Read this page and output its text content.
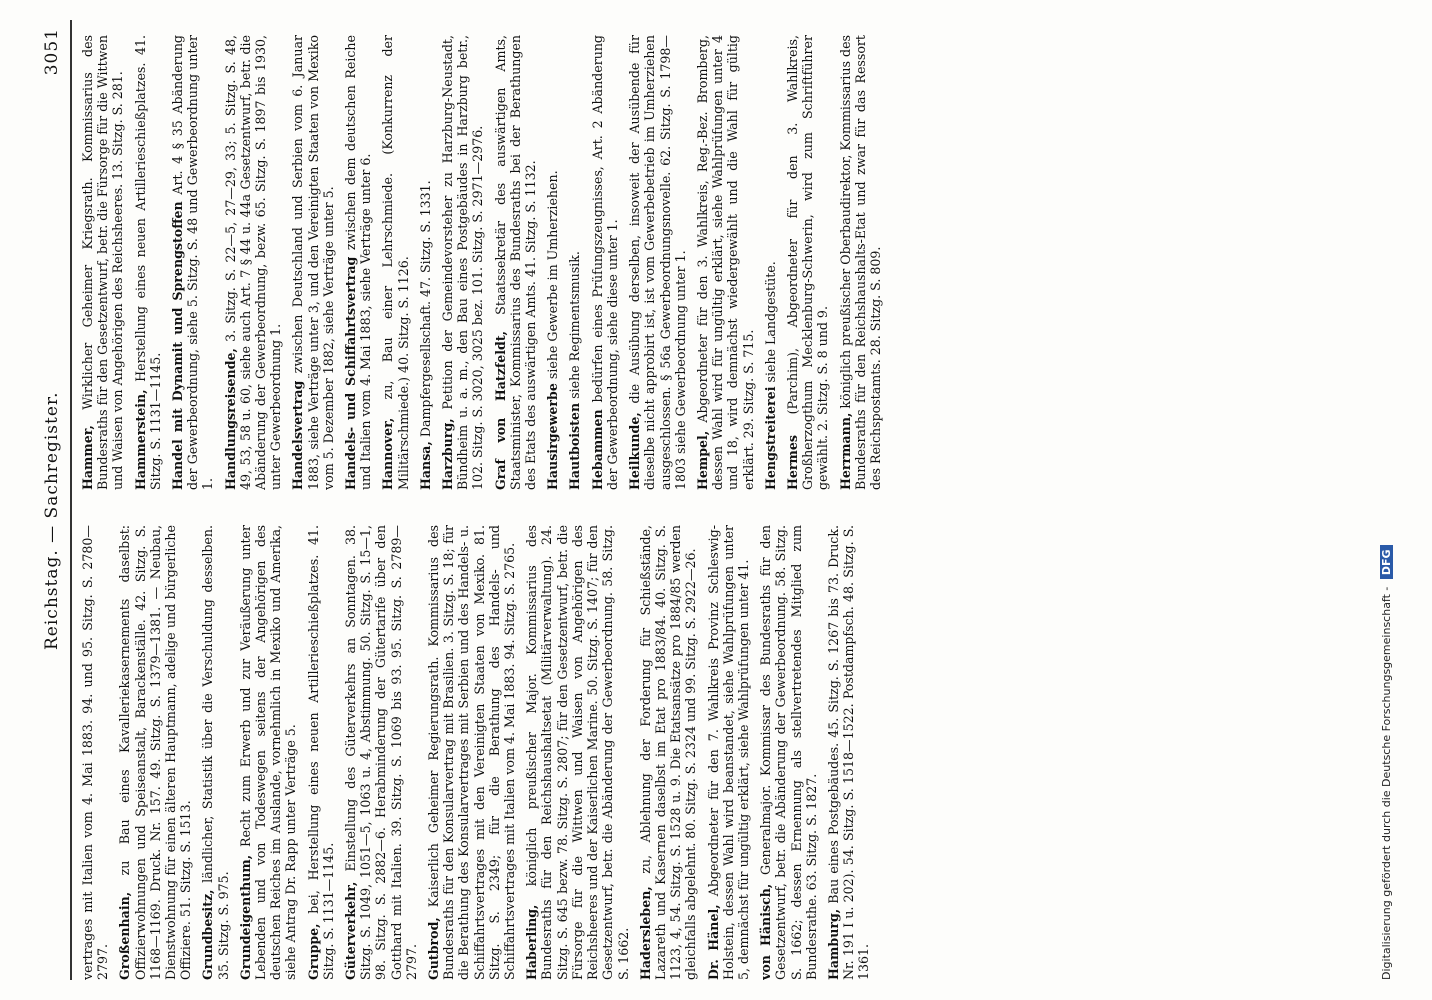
Reichstag. — Sachregister.
3051
vertrages mit Italien vom 4. Mai 1883. 94. und 95. Sitzg. S. 2780—2797. Großenhain, zu Bau eines Kavalleriekasernements daselbst: Offizierwohnungen und Speiseanstalt, Barackenställe. 42. Sitzg. S. 1168—1169. Druck. Nr. 157. 49. Sitzg. S. 1379—1381. — Neubau, Dienstwohnung für einen älteren Hauptmann, adelige und bürgerliche Offiziere. 51. Sitzg. S. 1513. Grundbesitz, ländlicher, Statistik über die Verschuldung desselben. 35. Sitzg. S. 975. Grundeigenthum, Recht zum Erwerb und zur Veräußerung unter Lebenden und von Todeswegen seitens der Angehörigen des deutschen Reiches im Auslande, vornehmlich in Mexiko und Amerika, siehe Antrag Dr. Rapp unter Verträge 5. Gruppe, bei, Herstellung eines neuen Artillerieschießplatzes. 41. Sitzg. S. 1131—1145. Güterverkehr, Einstellung des Güterverkehrs an Sonntagen. 38. Sitzg. S. 1049, 1051—5, 1063 u. 4, Abstimmung. 50. Sitzg. S. 15—1, 98. Sitzg. S. 2882—6. Herabminderung der Gütertarife über den Gotthard mit Italien. 39. Sitzg. S. 1069 bis 93. 95. Sitzg. S. 2789—2797. Gutbrod, Kaiserlich Geheimer Regierungsrath. Kommissarius des Bundesraths für den Konsularvertrag mit Brasilien. 3. Sitzg. S. 18; für die Berathung des Konsularvertrages mit Serbien und des Handels- u. Schiffahrtsvertrages mit den Vereinigten Staaten von Mexiko. 81. Sitzg. S. 2349; für die Berathung des Handels- und Schiffahrtsvertrages mit Italien vom 4. Mai 1883. 94. Sitzg. S. 2765. Haberling, königlich preußischer Major. Kommissarius des Bundesraths für den Reichshaushaltsetat (Militärverwaltung). 24. Sitzg. S. 645 bezw. 78. Sitzg. S. 2807; für den Gesetzentwurf, betr. die Fürsorge für die Wittwen und Waisen von Angehörigen des Reichsheeres und der Kaiserlichen Marine. 50. Sitzg. S. 1407; für den Gesetzentwurf, betr. die Abänderung der Gewerbeordnung. 58. Sitzg. S. 1662. Hadersleben, zu, Ablehnung der Forderung für Schießstände, Lazareth und Kasernen daselbst im Etat pro 1883/84. 40. Sitzg. S. 1123, 4, 54. Sitzg. S. 1528 u. 9. Die Etatsansätze pro 1884/85 werden gleichfalls abgelehnt. 80. Sitzg. S. 2324 und 99. Sitzg. S. 2922—26. Dr. Hänel, Abgeordneter für den 7. Wahlkreis Provinz Schleswig-Holstein, dessen Wahl wird beanstandet, siehe Wahlprüfungen unter 5, demnächst für ungültig erklärt, siehe Wahlprüfungen unter 41. von Hänisch, Generalmajor. Kommissar des Bundesraths für den Gesetzentwurf, betr. die Abänderung der Gewerbeordnung. 58. Sitzg. S. 1662; dessen Ernennung als stellvertretendes Mitglied zum Bundesrathe. 63. Sitzg. S. 1827. Hamburg, Bau eines Postgebäudes. 45. Sitzg. S. 1267 bis 73. Druck. Nr. 191 I u. 202). 54. Sitzg. S. 1518—1522. Postdampfsch. 48. Sitzg. S. 1361.
Hammer, Wirklicher Geheimer Kriegsrath. Kommissarius des Bundesraths für den Gesetzentwurf, betr. die Fürsorge für die Wittwen und Waisen von Angehörigen des Reichsheeres. 13. Sitzg. S. 281. Hammerstein, Herstellung eines neuen Artillerieschießplatzes. 41. Sitzg. S. 1131—1145. Handel mit Dynamit und Sprengstoffen Art. 4 § 35 Abänderung der Gewerbeordnung, siehe 5. Sitzg. S. 48 und Gewerbeordnung unter 1. Handlungsreisende, 3. Sitzg. S. 22—5, 27—29, 33; 5. Sitzg. S. 48, 49, 53, 58 u. 60, siehe auch Art. 7 § 44 u. 44a Gesetzentwurf, betr. die Abänderung der Gewerbeordnung, bezw. 65. Sitzg. S. 1897 bis 1930, unter Gewerbeordnung 1. Handelsvertrag zwischen Deutschland und Serbien vom 6. Januar 1883, siehe Verträge unter 3, und den Vereinigten Staaten von Mexiko vom 5. Dezember 1882, siehe Verträge unter 5. Handels- und Schiffahrtsvertrag zwischen dem deutschen Reiche und Italien vom 4. Mai 1883, siehe Verträge unter 6. Hannover, zu, Bau einer Lehrschmiede. (Konkurrenz der Militärschmiede.) 40. Sitzg. S. 1126. Hansa, Dampfergesellschaft. 47. Sitzg. S. 1331.
Harzburg, Petition der Gemeindevorsteher zu Harzburg-Neustadt, Bündheim u. a. m., den Bau eines Postgebäudes in Harzburg betr., 102. Sitzg. S. 3020, 3025 bez. 101. Sitzg. S. 2971—2976. Graf von Hatzfeldt, Staatssekretär des auswärtigen Amts, Staatsminister, Kommissarius des Bundesraths bei der Berathungen des Etats des auswärtigen Amts. 41. Sitzg. S. 1132. Hausirgewerbe siehe Gewerbe im Umherziehen.
Hautboisten siehe Regimentsmusik.
Hebammen bedürfen eines Prüfungszeugnisses, Art. 2 Abänderung der Gewerbeordnung, siehe diese unter 1. Heilkunde, die Ausübung derselben, insoweit der Ausübende für dieselbe nicht approbirt ist, ist vom Gewerbebetrieb im Umherziehen ausgeschlossen. § 56a Gewerbeordnungsnovelle. 62. Sitzg. S. 1798—1803 siehe Gewerbeordnung unter 1. Hempel, Abgeordneter für den 3. Wahlkreis, Reg.-Bez. Bromberg, dessen Wahl wird für ungültig erklärt, siehe Wahlprüfungen unter 4 und 18, wird demnächst wiedergewählt und die Wahl für gültig erklärt. 29. Sitzg. S. 715. Hengstreiterei siehe Landgestüte.
Hermes (Parchim), Abgeordneter für den 3. Wahlkreis, Großherzogthum Mecklenburg-Schwerin, wird zum Schriftführer gewählt. 2. Sitzg. S. 8 und 9. Herrmann, königlich preußischer Oberbaudirektor, Kommissarius des Bundesraths für den Reichshaushalts-Etat und zwar für das Ressort des Reichspostamts. 28. Sitzg. S. 809.
Digitalisierung gefördert durch die Deutsche Forschungsgemeinschaft - DFG
